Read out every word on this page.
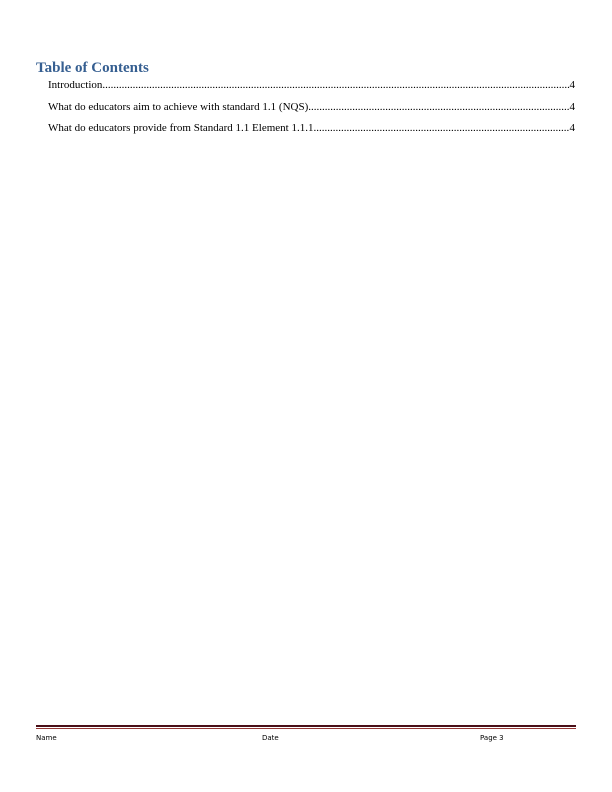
Table of Contents
Introduction .....	4
What do educators aim to achieve with standard 1.1 (NQS) .....	4
What do educators provide from Standard 1.1 Element 1.1.1 .....	4
Name	Date	Page 3
